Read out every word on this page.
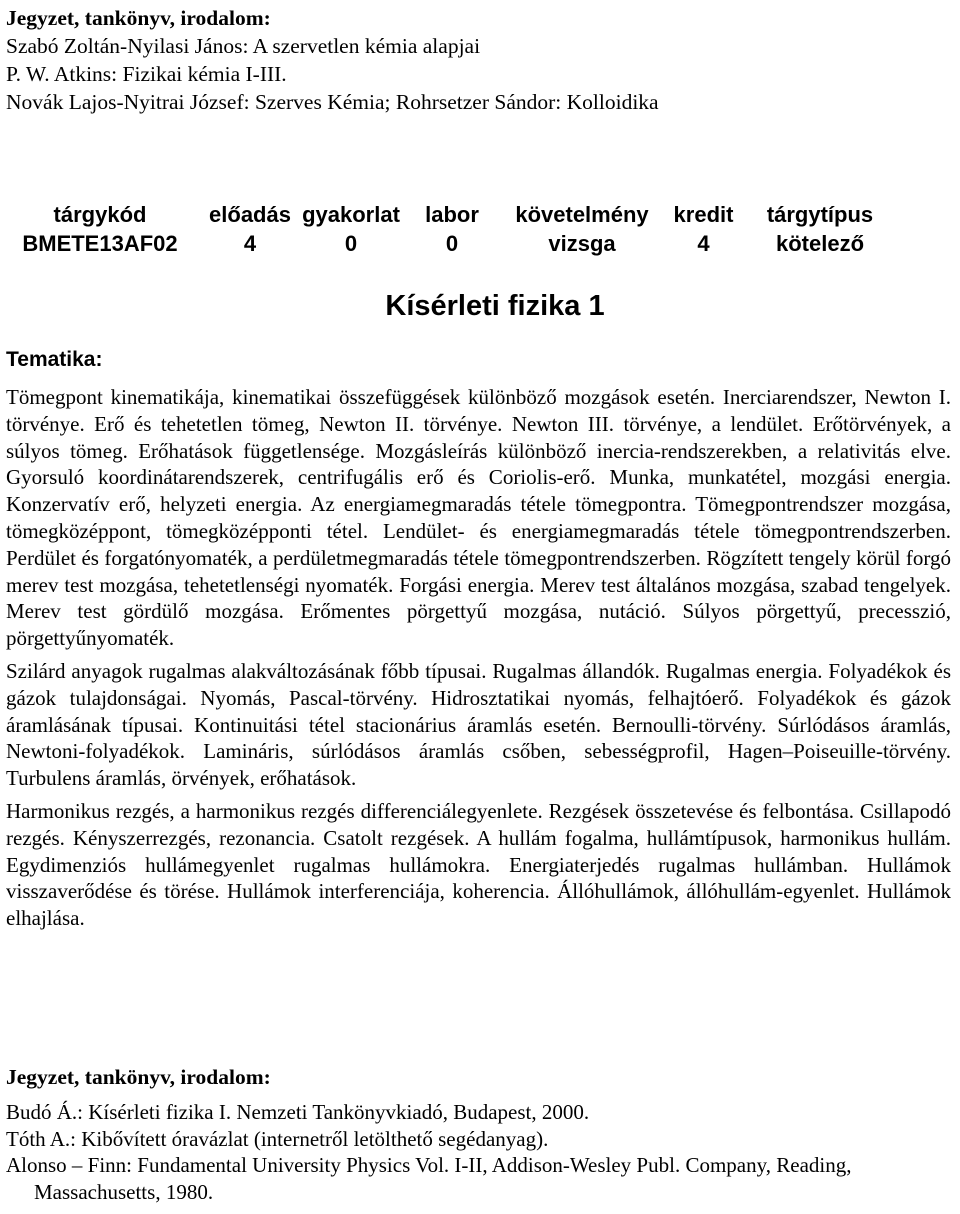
Jegyzet, tankönyv, irodalom:
Szabó Zoltán-Nyilasi János: A szervetlen kémia alapjai
P. W. Atkins: Fizikai kémia I-III.
Novák Lajos-Nyitrai József: Szerves Kémia; Rohrsetzer Sándor: Kolloidika
tárgykód	előadás	gyakorlat	labor	követelmény	kredit	tárgytípus
BMETE13AF02	4	0	0	vizsga	4	kötelező
Kísérleti fizika 1
Tematika:

Tömegpont kinematikája, kinematikai összefüggések különböző mozgások esetén. Inerciarendszer, Newton I. törvénye. Erő és tehetetlen tömeg, Newton II. törvénye. Newton III. törvénye, a lendület. Erőtörvények, a súlyos tömeg. Erőhatások függetlensége. Mozgásleírás különböző inercia-rendszerekben, a relativitás elve. Gyorsuló koordinátarendszerek, centrifugális erő és Coriolis-erő. Munka, munkatétel, mozgási energia. Konzervatív erő, helyzeti energia. Az energiamegmaradás tétele tömegpontra. Tömegpontrendszer mozgása, tömegközéppont, tömegközépponti tétel. Lendület- és energiamegmaradás tétele tömegpontrendszerben. Perdület és forgatónyomaték, a perdületmegmaradás tétele tömegpontrendszerben. Rögzített tengely körül forgó merev test mozgása, tehetetlenségi nyomaték. Forgási energia. Merev test általános mozgása, szabad tengelyek. Merev test gördülő mozgása. Erőmentes pörgettyű mozgása, nutáció. Súlyos pörgettyű, precesszió, pörgettyűnyomaték.

Szilárd anyagok rugalmas alakváltozásának főbb típusai. Rugalmas állandók. Rugalmas energia. Folyadékok és gázok tulajdonságai. Nyomás, Pascal-törvény. Hidrosztatikai nyomás, felhajtóerő. Folyadékok és gázok áramlásának típusai. Kontinuitási tétel stacionárius áramlás esetén. Bernoulli-törvény. Súrlódásos áramlás, Newtoni-folyadékok. Lamináris, súrlódásos áramlás csőben, sebességprofil, Hagen–Poiseuille-törvény. Turbulens áramlás, örvények, erőhatások.

Harmonikus rezgés, a harmonikus rezgés differenciálegyenlete. Rezgések összetevése és felbontása. Csillapodó rezgés. Kényszerrezgés, rezonancia. Csatolt rezgések. A hullám fogalma, hullámtípusok, harmonikus hullám. Egydimenziós hullámegyenlet rugalmas hullámokra. Energiaterjedés rugalmas hullámban. Hullámok visszaverődése és törése. Hullámok interferenciája, koherencia. Állóhullámok, állóhullám-egyenlet. Hullámok elhajlása.

Jegyzet, tankönyv, irodalom:

Budó Á.: Kísérleti fizika I. Nemzeti Tankönyvkiadó, Budapest, 2000.

Tóth A.: Kibővített óravázlat (internetről letölthető segédanyag).

Alonso – Finn: Fundamental University Physics Vol. I-II, Addison-Wesley Publ. Company, Reading, Massachusetts, 1980.
